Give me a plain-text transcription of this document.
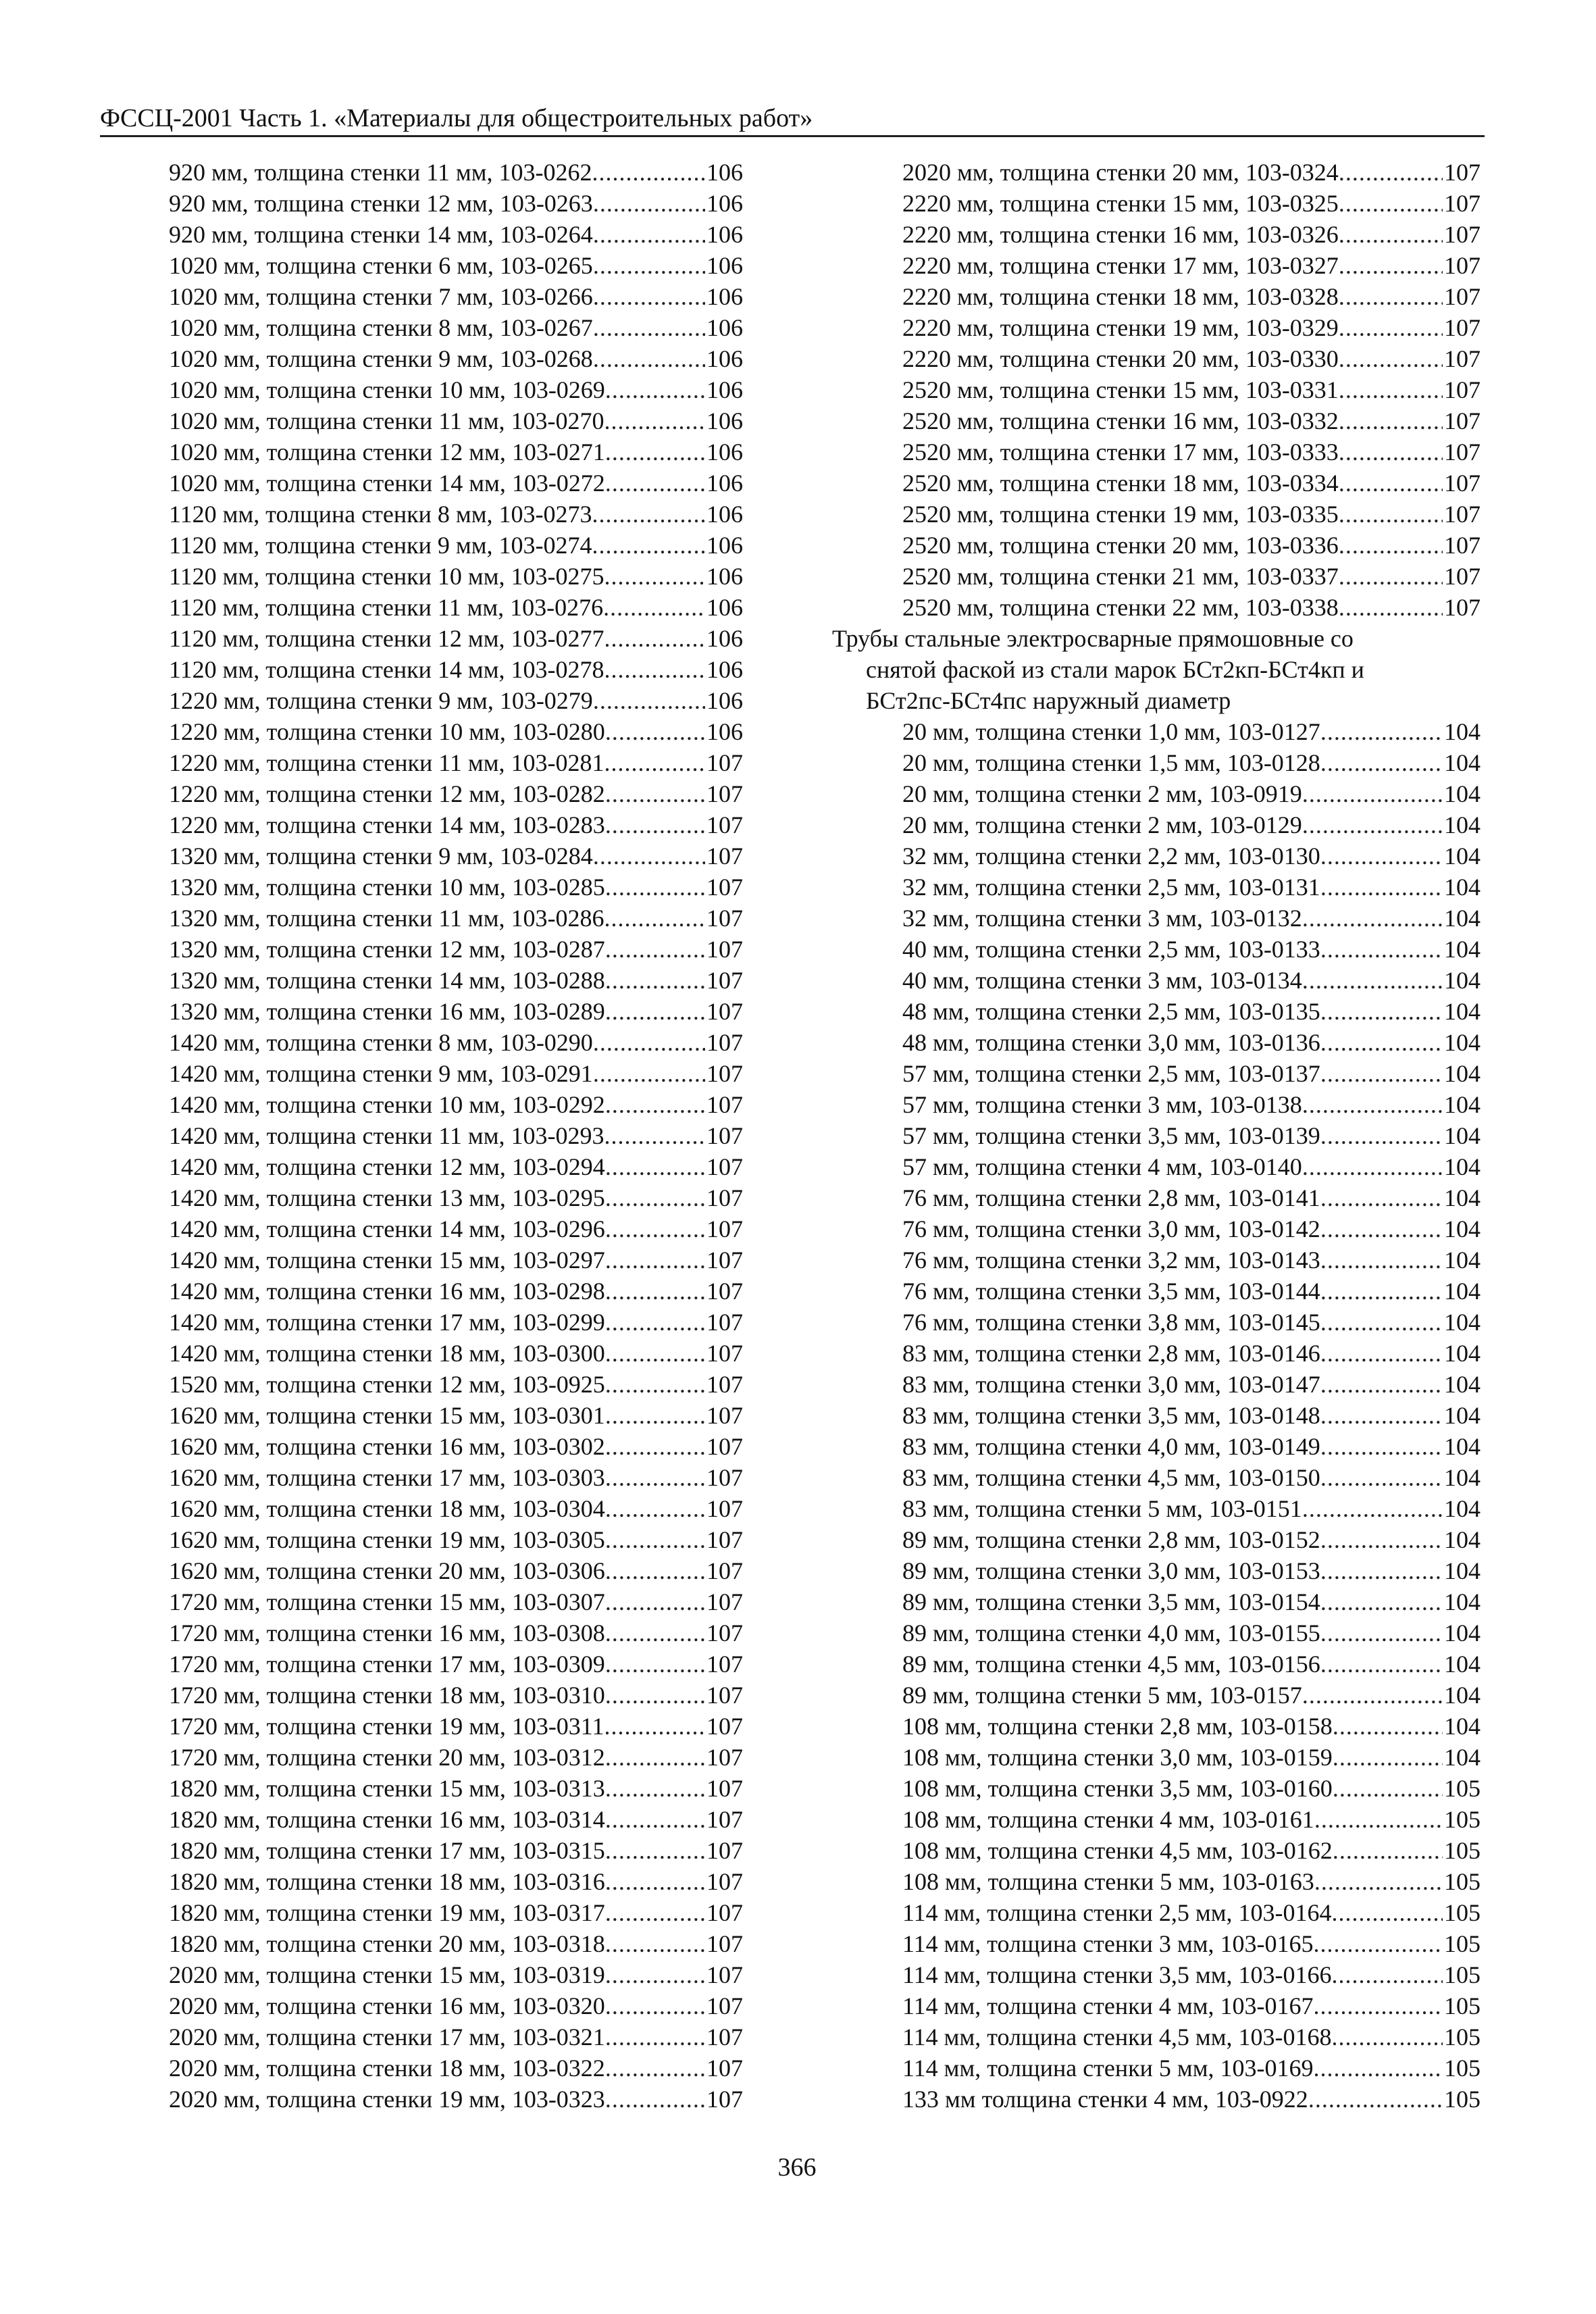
ФССЦ-2001 Часть 1. «Материалы для общестроительных работ»
920 мм, толщина стенки 11 мм, 103-0262 .....	106
920 мм, толщина стенки 12 мм, 103-0263 .....	106
920 мм, толщина стенки 14 мм, 103-0264 .....	106
1020 мм, толщина стенки 6 мм, 103-0265 .....	106
1020 мм, толщина стенки 7 мм, 103-0266 .....	106
1020 мм, толщина стенки 8 мм, 103-0267 .....	106
1020 мм, толщина стенки 9 мм, 103-0268 .....	106
1020 мм, толщина стенки 10 мм, 103-0269 .....	106
1020 мм, толщина стенки 11 мм, 103-0270 .....	106
1020 мм, толщина стенки 12 мм, 103-0271 .....	106
1020 мм, толщина стенки 14 мм, 103-0272 .....	106
1120 мм, толщина стенки 8 мм, 103-0273 .....	106
1120 мм, толщина стенки 9 мм, 103-0274 .....	106
1120 мм, толщина стенки 10 мм, 103-0275 .....	106
1120 мм, толщина стенки 11 мм, 103-0276 .....	106
1120 мм, толщина стенки 12 мм, 103-0277 .....	106
1120 мм, толщина стенки 14 мм, 103-0278 .....	106
1220 мм, толщина стенки 9 мм, 103-0279 .....	106
1220 мм, толщина стенки 10 мм, 103-0280 .....	106
1220 мм, толщина стенки 11 мм, 103-0281 .....	107
1220 мм, толщина стенки 12 мм, 103-0282 .....	107
1220 мм, толщина стенки 14 мм, 103-0283 .....	107
1320 мм, толщина стенки 9 мм, 103-0284 .....	107
1320 мм, толщина стенки 10 мм, 103-0285 .....	107
1320 мм, толщина стенки 11 мм, 103-0286 .....	107
1320 мм, толщина стенки 12 мм, 103-0287 .....	107
1320 мм, толщина стенки 14 мм, 103-0288 .....	107
1320 мм, толщина стенки 16 мм, 103-0289 .....	107
1420 мм, толщина стенки 8 мм, 103-0290 .....	107
1420 мм, толщина стенки 9 мм, 103-0291 .....	107
1420 мм, толщина стенки 10 мм, 103-0292 .....	107
1420 мм, толщина стенки 11 мм, 103-0293 .....	107
1420 мм, толщина стенки 12 мм, 103-0294 .....	107
1420 мм, толщина стенки 13 мм, 103-0295 .....	107
1420 мм, толщина стенки 14 мм, 103-0296 .....	107
1420 мм, толщина стенки 15 мм, 103-0297 .....	107
1420 мм, толщина стенки 16 мм, 103-0298 .....	107
1420 мм, толщина стенки 17 мм, 103-0299 .....	107
1420 мм, толщина стенки 18 мм, 103-0300 .....	107
1520 мм, толщина стенки 12 мм, 103-0925 .....	107
1620 мм, толщина стенки 15 мм, 103-0301 .....	107
1620 мм, толщина стенки 16 мм, 103-0302 .....	107
1620 мм, толщина стенки 17 мм, 103-0303 .....	107
1620 мм, толщина стенки 18 мм, 103-0304 .....	107
1620 мм, толщина стенки 19 мм, 103-0305 .....	107
1620 мм, толщина стенки 20 мм, 103-0306 .....	107
1720 мм, толщина стенки 15 мм, 103-0307 .....	107
1720 мм, толщина стенки 16 мм, 103-0308 .....	107
1720 мм, толщина стенки 17 мм, 103-0309 .....	107
1720 мм, толщина стенки 18 мм, 103-0310 .....	107
1720 мм, толщина стенки 19 мм, 103-0311 .....	107
1720 мм, толщина стенки 20 мм, 103-0312 .....	107
1820 мм, толщина стенки 15 мм, 103-0313 .....	107
1820 мм, толщина стенки 16 мм, 103-0314 .....	107
1820 мм, толщина стенки 17 мм, 103-0315 .....	107
1820 мм, толщина стенки 18 мм, 103-0316 .....	107
1820 мм, толщина стенки 19 мм, 103-0317 .....	107
1820 мм, толщина стенки 20 мм, 103-0318 .....	107
2020 мм, толщина стенки 15 мм, 103-0319 .....	107
2020 мм, толщина стенки 16 мм, 103-0320 .....	107
2020 мм, толщина стенки 17 мм, 103-0321 .....	107
2020 мм, толщина стенки 18 мм, 103-0322 .....	107
2020 мм, толщина стенки 19 мм, 103-0323 .....	107
2020 мм, толщина стенки 20 мм, 103-0324 .....	107
2220 мм, толщина стенки 15 мм, 103-0325 .....	107
2220 мм, толщина стенки 16 мм, 103-0326 .....	107
2220 мм, толщина стенки 17 мм, 103-0327 .....	107
2220 мм, толщина стенки 18 мм, 103-0328 .....	107
2220 мм, толщина стенки 19 мм, 103-0329 .....	107
2220 мм, толщина стенки 20 мм, 103-0330 .....	107
2520 мм, толщина стенки 15 мм, 103-0331 .....	107
2520 мм, толщина стенки 16 мм, 103-0332 .....	107
2520 мм, толщина стенки 17 мм, 103-0333 .....	107
2520 мм, толщина стенки 18 мм, 103-0334 .....	107
2520 мм, толщина стенки 19 мм, 103-0335 .....	107
2520 мм, толщина стенки 20 мм, 103-0336 .....	107
2520 мм, толщина стенки 21 мм, 103-0337 .....	107
2520 мм, толщина стенки 22 мм, 103-0338 .....	107
Трубы стальные электросварные прямошовные со
снятой фаской из стали марок БСт2кп-БСт4кп и
БСт2пс-БСт4пс наружный диаметр
20 мм, толщина стенки 1,0 мм, 103-0127 .....	104
20 мм, толщина стенки 1,5 мм, 103-0128 .....	104
20 мм, толщина стенки 2 мм, 103-0919 .....	104
20 мм, толщина стенки 2 мм, 103-0129 .....	104
32 мм, толщина стенки 2,2 мм, 103-0130 .....	104
32 мм, толщина стенки 2,5 мм, 103-0131 .....	104
32 мм, толщина стенки 3 мм, 103-0132 .....	104
40 мм, толщина стенки 2,5 мм, 103-0133 .....	104
40 мм, толщина стенки 3 мм, 103-0134 .....	104
48 мм, толщина стенки 2,5 мм, 103-0135 .....	104
48 мм, толщина стенки 3,0 мм, 103-0136 .....	104
57 мм, толщина стенки 2,5 мм, 103-0137 .....	104
57 мм, толщина стенки 3 мм, 103-0138 .....	104
57 мм, толщина стенки 3,5 мм, 103-0139 .....	104
57 мм, толщина стенки 4 мм, 103-0140 .....	104
76 мм, толщина стенки 2,8 мм, 103-0141 .....	104
76 мм, толщина стенки 3,0 мм, 103-0142 .....	104
76 мм, толщина стенки 3,2 мм, 103-0143 .....	104
76 мм, толщина стенки 3,5 мм, 103-0144 .....	104
76 мм, толщина стенки 3,8 мм, 103-0145 .....	104
83 мм, толщина стенки 2,8 мм, 103-0146 .....	104
83 мм, толщина стенки 3,0 мм, 103-0147 .....	104
83 мм, толщина стенки 3,5 мм, 103-0148 .....	104
83 мм, толщина стенки 4,0 мм, 103-0149 .....	104
83 мм, толщина стенки 4,5 мм, 103-0150 .....	104
83 мм, толщина стенки 5 мм, 103-0151 .....	104
89 мм, толщина стенки 2,8 мм, 103-0152 .....	104
89 мм, толщина стенки 3,0 мм, 103-0153 .....	104
89 мм, толщина стенки 3,5 мм, 103-0154 .....	104
89 мм, толщина стенки 4,0 мм, 103-0155 .....	104
89 мм, толщина стенки 4,5 мм, 103-0156 .....	104
89 мм, толщина стенки 5 мм, 103-0157 .....	104
108 мм, толщина стенки 2,8 мм, 103-0158 .....	104
108 мм, толщина стенки 3,0 мм, 103-0159 .....	104
108 мм, толщина стенки 3,5 мм, 103-0160 .....	105
108 мм, толщина стенки 4 мм, 103-0161 .....	105
108 мм, толщина стенки 4,5 мм, 103-0162 .....	105
108 мм, толщина стенки 5 мм, 103-0163 .....	105
114 мм, толщина стенки 2,5 мм, 103-0164 .....	105
114 мм, толщина стенки 3 мм, 103-0165 .....	105
114 мм, толщина стенки 3,5 мм, 103-0166 .....	105
114 мм, толщина стенки 4 мм, 103-0167 .....	105
114 мм, толщина стенки 4,5 мм, 103-0168 .....	105
114 мм, толщина стенки 5 мм, 103-0169 .....	105
133 мм толщина стенки 4 мм, 103-0922 .....	105
366
